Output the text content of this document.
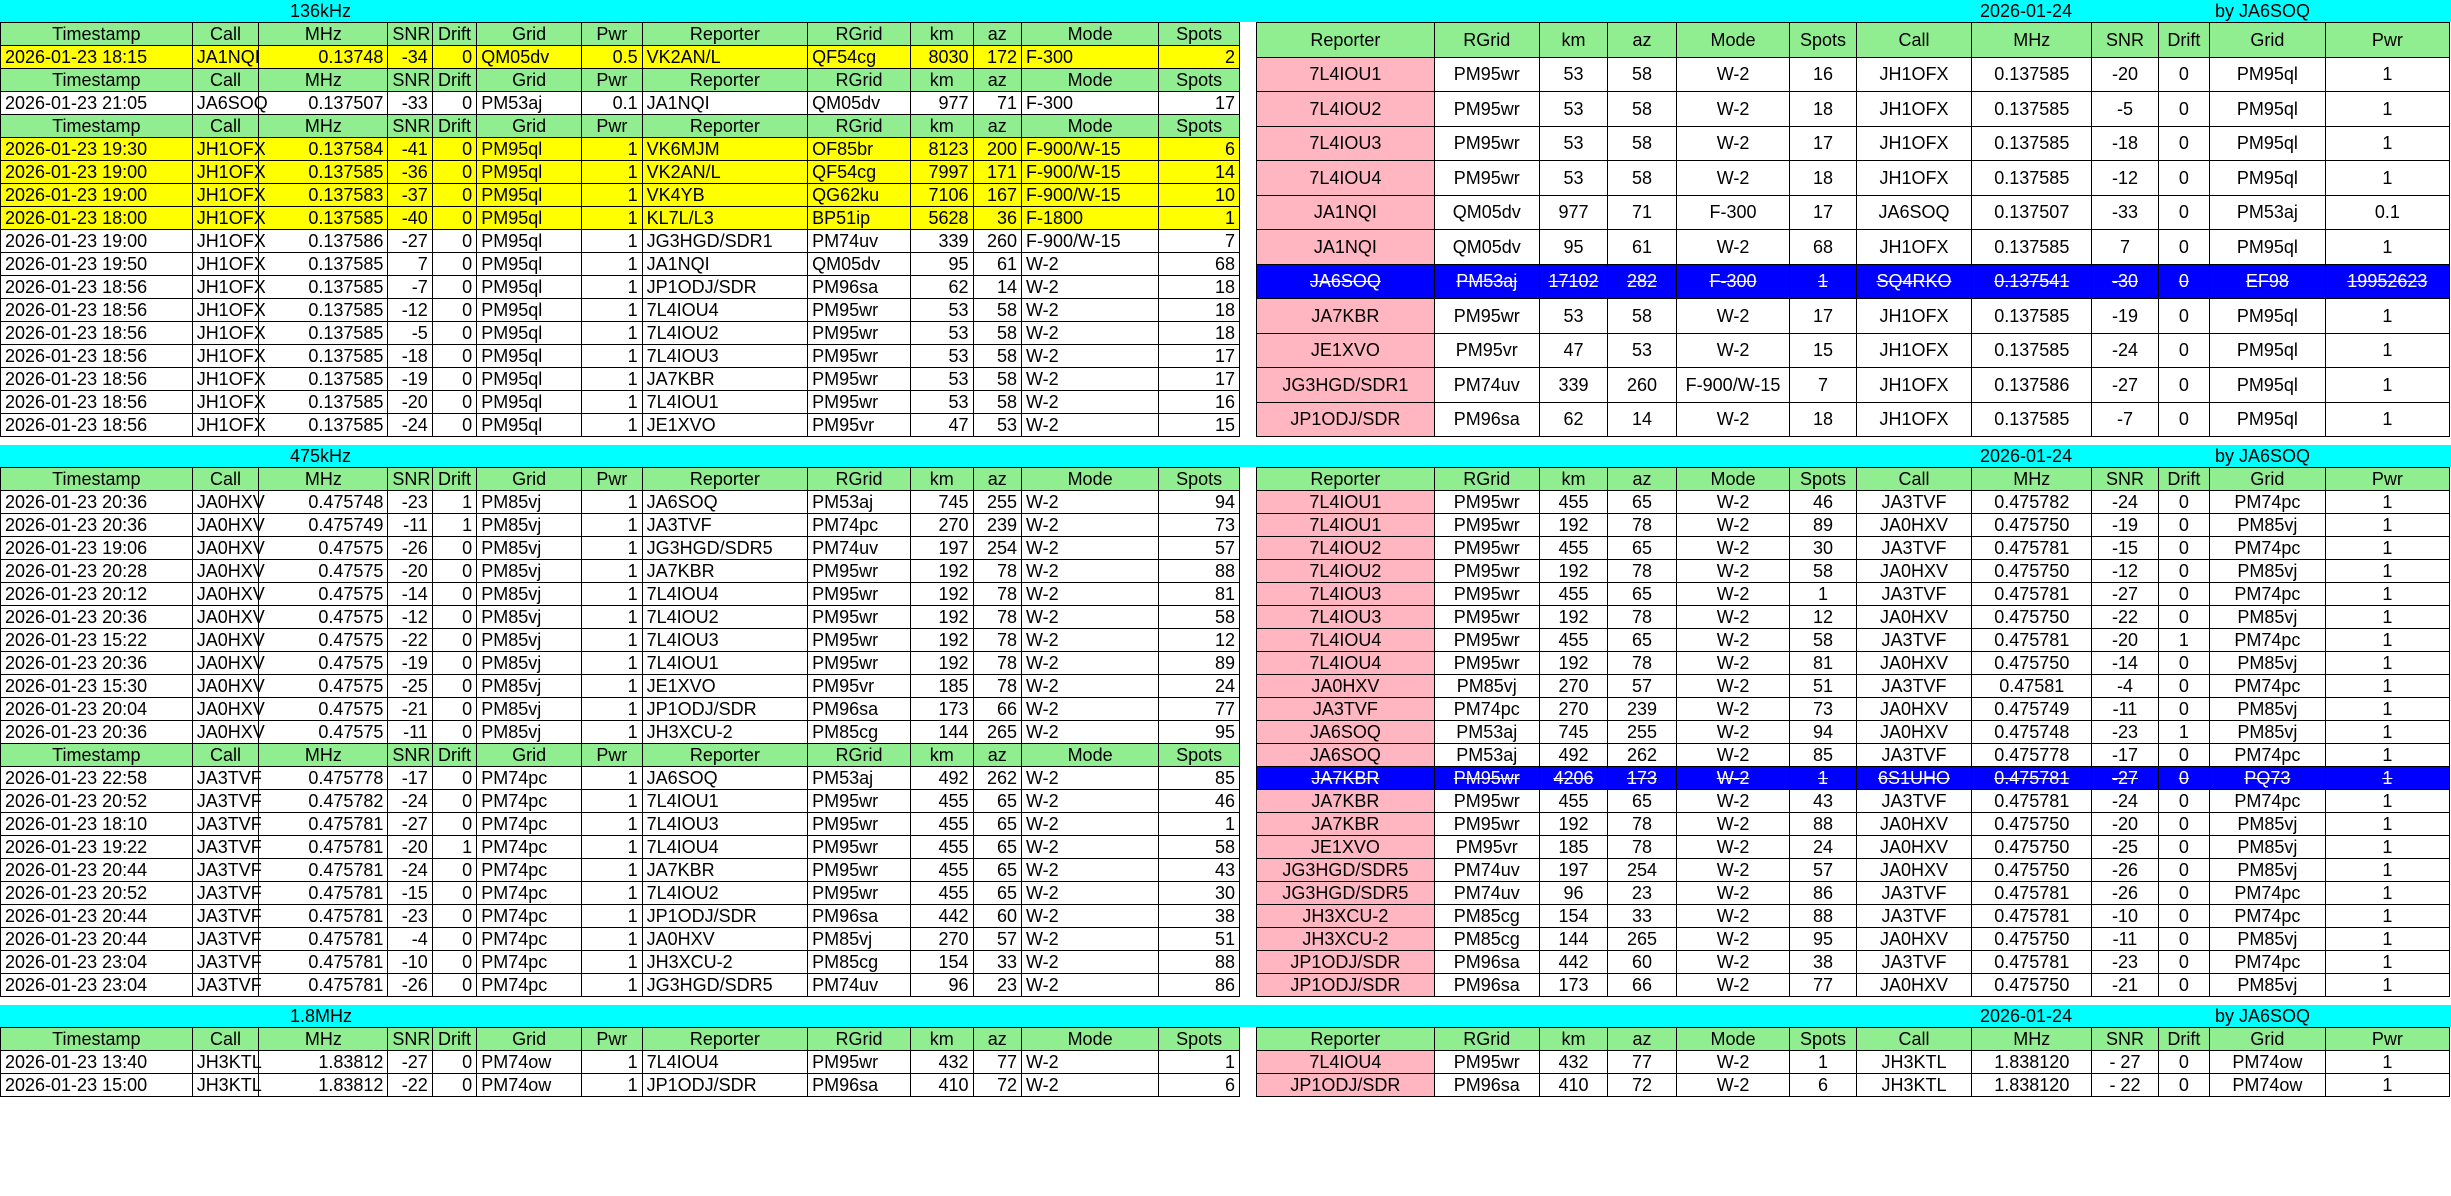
136kHz	2026-01-24	by JA6SOQ
Timestamp	Call	MHz	SNR	Drift	Grid	Pwr	Reporter	RGrid	km	az	Mode	Spots
2026-01-23 18:15	JA1NQI	0.13748	-34	0	QM05dv	0.5	VK2AN/L	QF54cg	8030	172	F-300	2
Timestamp	Call	MHz	SNR	Drift	Grid	Pwr	Reporter	RGrid	km	az	Mode	Spots
2026-01-23 21:05	JA6SOQ	0.137507	-33	0	PM53aj	0.1	JA1NQI	QM05dv	977	71	F-300	17
Timestamp	Call	MHz	SNR	Drift	Grid	Pwr	Reporter	RGrid	km	az	Mode	Spots
2026-01-23 19:30	JH1OFX	0.137584	-41	0	PM95ql	1	VK6MJM	OF85br	8123	200	F-900/W-15	6
2026-01-23 19:00	JH1OFX	0.137585	-36	0	PM95ql	1	VK2AN/L	QF54cg	7997	171	F-900/W-15	14
2026-01-23 19:00	JH1OFX	0.137583	-37	0	PM95ql	1	VK4YB	QG62ku	7106	167	F-900/W-15	10
2026-01-23 18:00	JH1OFX	0.137585	-40	0	PM95ql	1	KL7L/L3	BP51ip	5628	36	F-1800	1
2026-01-23 19:00	JH1OFX	0.137586	-27	0	PM95ql	1	JG3HGD/SDR1	PM74uv	339	260	F-900/W-15	7
2026-01-23 19:50	JH1OFX	0.137585	7	0	PM95ql	1	JA1NQI	QM05dv	95	61	W-2	68
2026-01-23 18:56	JH1OFX	0.137585	-7	0	PM95ql	1	JP1ODJ/SDR	PM96sa	62	14	W-2	18
2026-01-23 18:56	JH1OFX	0.137585	-12	0	PM95ql	1	7L4IOU4	PM95wr	53	58	W-2	18
2026-01-23 18:56	JH1OFX	0.137585	-5	0	PM95ql	1	7L4IOU2	PM95wr	53	58	W-2	18
2026-01-23 18:56	JH1OFX	0.137585	-18	0	PM95ql	1	7L4IOU3	PM95wr	53	58	W-2	17
2026-01-23 18:56	JH1OFX	0.137585	-19	0	PM95ql	1	JA7KBR	PM95wr	53	58	W-2	17
2026-01-23 18:56	JH1OFX	0.137585	-20	0	PM95ql	1	7L4IOU1	PM95wr	53	58	W-2	16
2026-01-23 18:56	JH1OFX	0.137585	-24	0	PM95ql	1	JE1XVO	PM95vr	47	53	W-2	15
Reporter	RGrid	km	az	Mode	Spots	Call	MHz	SNR	Drift	Grid	Pwr
7L4IOU1	PM95wr	53	58	W-2	16	JH1OFX	0.137585	-20	0	PM95ql	1
7L4IOU2	PM95wr	53	58	W-2	18	JH1OFX	0.137585	-5	0	PM95ql	1
7L4IOU3	PM95wr	53	58	W-2	17	JH1OFX	0.137585	-18	0	PM95ql	1
7L4IOU4	PM95wr	53	58	W-2	18	JH1OFX	0.137585	-12	0	PM95ql	1
JA1NQI	QM05dv	977	71	F-300	17	JA6SOQ	0.137507	-33	0	PM53aj	0.1
JA1NQI	QM05dv	95	61	W-2	68	JH1OFX	0.137585	7	0	PM95ql	1
JA6SOQ	PM53aj	17102	282	F-300	1	SQ4RKO	0.137541	-30	0	EF98	19952623
JA7KBR	PM95wr	53	58	W-2	17	JH1OFX	0.137585	-19	0	PM95ql	1
JE1XVO	PM95vr	47	53	W-2	15	JH1OFX	0.137585	-24	0	PM95ql	1
JG3HGD/SDR1	PM74uv	339	260	F-900/W-15	7	JH1OFX	0.137586	-27	0	PM95ql	1
JP1ODJ/SDR	PM96sa	62	14	W-2	18	JH1OFX	0.137585	-7	0	PM95ql	1
475kHz	2026-01-24	by JA6SOQ
Timestamp	Call	MHz	SNR	Drift	Grid	Pwr	Reporter	RGrid	km	az	Mode	Spots
2026-01-23 20:36	JA0HXV	0.475748	-23	1	PM85vj	1	JA6SOQ	PM53aj	745	255	W-2	94
2026-01-23 20:36	JA0HXV	0.475749	-11	1	PM85vj	1	JA3TVF	PM74pc	270	239	W-2	73
2026-01-23 19:06	JA0HXV	0.47575	-26	0	PM85vj	1	JG3HGD/SDR5	PM74uv	197	254	W-2	57
2026-01-23 20:28	JA0HXV	0.47575	-20	0	PM85vj	1	JA7KBR	PM95wr	192	78	W-2	88
2026-01-23 20:12	JA0HXV	0.47575	-14	0	PM85vj	1	7L4IOU4	PM95wr	192	78	W-2	81
2026-01-23 20:36	JA0HXV	0.47575	-12	0	PM85vj	1	7L4IOU2	PM95wr	192	78	W-2	58
2026-01-23 15:22	JA0HXV	0.47575	-22	0	PM85vj	1	7L4IOU3	PM95wr	192	78	W-2	12
2026-01-23 20:36	JA0HXV	0.47575	-19	0	PM85vj	1	7L4IOU1	PM95wr	192	78	W-2	89
2026-01-23 15:30	JA0HXV	0.47575	-25	0	PM85vj	1	JE1XVO	PM95vr	185	78	W-2	24
2026-01-23 20:04	JA0HXV	0.47575	-21	0	PM85vj	1	JP1ODJ/SDR	PM96sa	173	66	W-2	77
2026-01-23 20:36	JA0HXV	0.47575	-11	0	PM85vj	1	JH3XCU-2	PM85cg	144	265	W-2	95
Timestamp	Call	MHz	SNR	Drift	Grid	Pwr	Reporter	RGrid	km	az	Mode	Spots
2026-01-23 22:58	JA3TVF	0.475778	-17	0	PM74pc	1	JA6SOQ	PM53aj	492	262	W-2	85
2026-01-23 20:52	JA3TVF	0.475782	-24	0	PM74pc	1	7L4IOU1	PM95wr	455	65	W-2	46
2026-01-23 18:10	JA3TVF	0.475781	-27	0	PM74pc	1	7L4IOU3	PM95wr	455	65	W-2	1
2026-01-23 19:22	JA3TVF	0.475781	-20	1	PM74pc	1	7L4IOU4	PM95wr	455	65	W-2	58
2026-01-23 20:44	JA3TVF	0.475781	-24	0	PM74pc	1	JA7KBR	PM95wr	455	65	W-2	43
2026-01-23 20:52	JA3TVF	0.475781	-15	0	PM74pc	1	7L4IOU2	PM95wr	455	65	W-2	30
2026-01-23 20:44	JA3TVF	0.475781	-23	0	PM74pc	1	JP1ODJ/SDR	PM96sa	442	60	W-2	38
2026-01-23 20:44	JA3TVF	0.475781	-4	0	PM74pc	1	JA0HXV	PM85vj	270	57	W-2	51
2026-01-23 23:04	JA3TVF	0.475781	-10	0	PM74pc	1	JH3XCU-2	PM85cg	154	33	W-2	88
2026-01-23 23:04	JA3TVF	0.475781	-26	0	PM74pc	1	JG3HGD/SDR5	PM74uv	96	23	W-2	86
Reporter	RGrid	km	az	Mode	Spots	Call	MHz	SNR	Drift	Grid	Pwr
7L4IOU1	PM95wr	455	65	W-2	46	JA3TVF	0.475782	-24	0	PM74pc	1
7L4IOU1	PM95wr	192	78	W-2	89	JA0HXV	0.475750	-19	0	PM85vj	1
7L4IOU2	PM95wr	455	65	W-2	30	JA3TVF	0.475781	-15	0	PM74pc	1
7L4IOU2	PM95wr	192	78	W-2	58	JA0HXV	0.475750	-12	0	PM85vj	1
7L4IOU3	PM95wr	455	65	W-2	1	JA3TVF	0.475781	-27	0	PM74pc	1
7L4IOU3	PM95wr	192	78	W-2	12	JA0HXV	0.475750	-22	0	PM85vj	1
7L4IOU4	PM95wr	455	65	W-2	58	JA3TVF	0.475781	-20	1	PM74pc	1
7L4IOU4	PM95wr	192	78	W-2	81	JA0HXV	0.475750	-14	0	PM85vj	1
JA0HXV	PM85vj	270	57	W-2	51	JA3TVF	0.47581	-4	0	PM74pc	1
JA3TVF	PM74pc	270	239	W-2	73	JA0HXV	0.475749	-11	0	PM85vj	1
JA6SOQ	PM53aj	745	255	W-2	94	JA0HXV	0.475748	-23	1	PM85vj	1
JA6SOQ	PM53aj	492	262	W-2	85	JA3TVF	0.475778	-17	0	PM74pc	1
JA7KBR	PM95wr	4206	173	W-2	1	6S1UHO	0.475781	-27	0	PQ73	1
JA7KBR	PM95wr	455	65	W-2	43	JA3TVF	0.475781	-24	0	PM74pc	1
JA7KBR	PM95wr	192	78	W-2	88	JA0HXV	0.475750	-20	0	PM85vj	1
JE1XVO	PM95vr	185	78	W-2	24	JA0HXV	0.475750	-25	0	PM85vj	1
JG3HGD/SDR5	PM74uv	197	254	W-2	57	JA0HXV	0.475750	-26	0	PM85vj	1
JG3HGD/SDR5	PM74uv	96	23	W-2	86	JA3TVF	0.475781	-26	0	PM74pc	1
JH3XCU-2	PM85cg	154	33	W-2	88	JA3TVF	0.475781	-10	0	PM74pc	1
JH3XCU-2	PM85cg	144	265	W-2	95	JA0HXV	0.475750	-11	0	PM85vj	1
JP1ODJ/SDR	PM96sa	442	60	W-2	38	JA3TVF	0.475781	-23	0	PM74pc	1
JP1ODJ/SDR	PM96sa	173	66	W-2	77	JA0HXV	0.475750	-21	0	PM85vj	1
1.8MHz	2026-01-24	by JA6SOQ
Timestamp	Call	MHz	SNR	Drift	Grid	Pwr	Reporter	RGrid	km	az	Mode	Spots
2026-01-23 13:40	JH3KTL	1.83812	-27	0	PM74ow	1	7L4IOU4	PM95wr	432	77	W-2	1
2026-01-23 15:00	JH3KTL	1.83812	-22	0	PM74ow	1	JP1ODJ/SDR	PM96sa	410	72	W-2	6
Reporter	RGrid	km	az	Mode	Spots	Call	MHz	SNR	Drift	Grid	Pwr
7L4IOU4	PM95wr	432	77	W-2	1	JH3KTL	1.838120	- 27	0	PM74ow	1
JP1ODJ/SDR	PM96sa	410	72	W-2	6	JH3KTL	1.838120	- 22	0	PM74ow	1
